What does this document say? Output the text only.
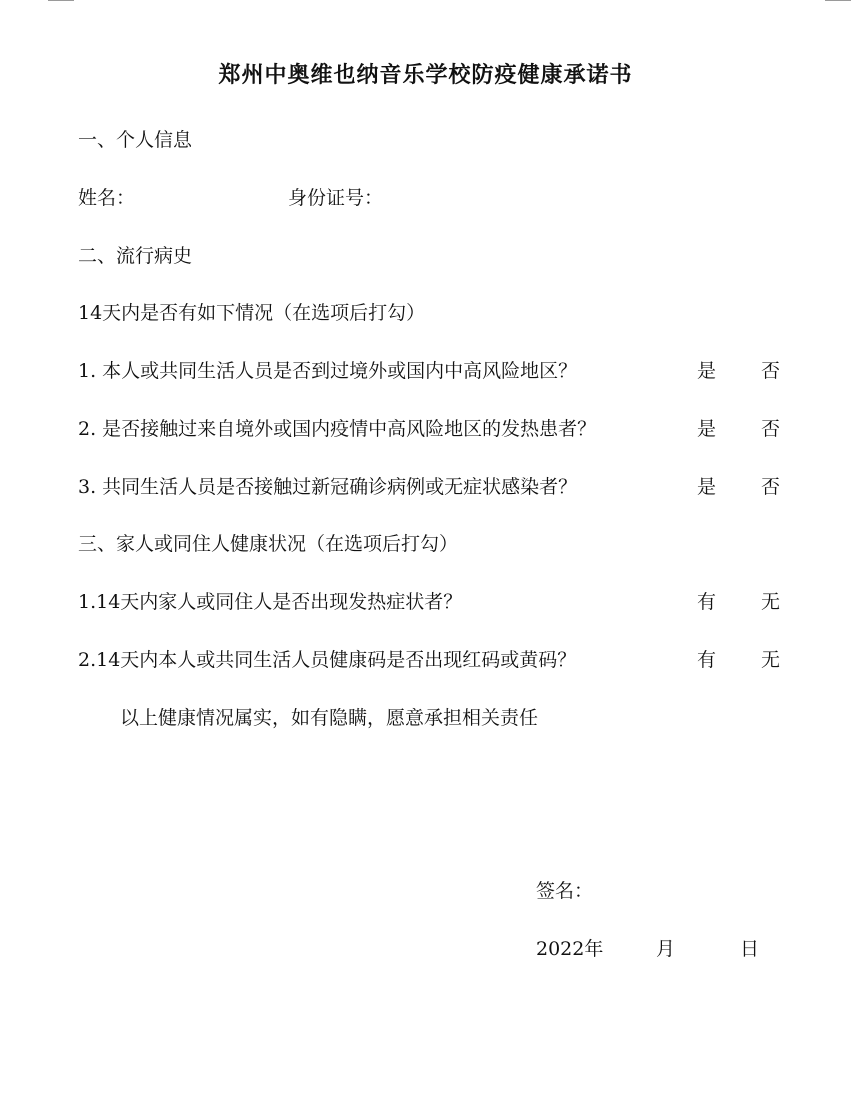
郑州中奥维也纳音乐学校防疫健康承诺书
一、个人信息
姓名：	身份证号：
二、流行病史
14天内是否有如下情况（在选项后打勾）
1. 本人或共同生活人员是否到过境外或国内中高风险地区？	是 否
2. 是否接触过来自境外或国内疫情中高风险地区的发热患者？	是 否
3. 共同生活人员是否接触过新冠确诊病例或无症状感染者？	是 否
三、家人或同住人健康状况（在选项后打勾）
1.14天内家人或同住人是否出现发热症状者？	有 无
2.14天内本人或共同生活人员健康码是否出现红码或黄码？	有 无
以上健康情况属实，如有隐瞒，愿意承担相关责任
签名：
2022年	月	日
